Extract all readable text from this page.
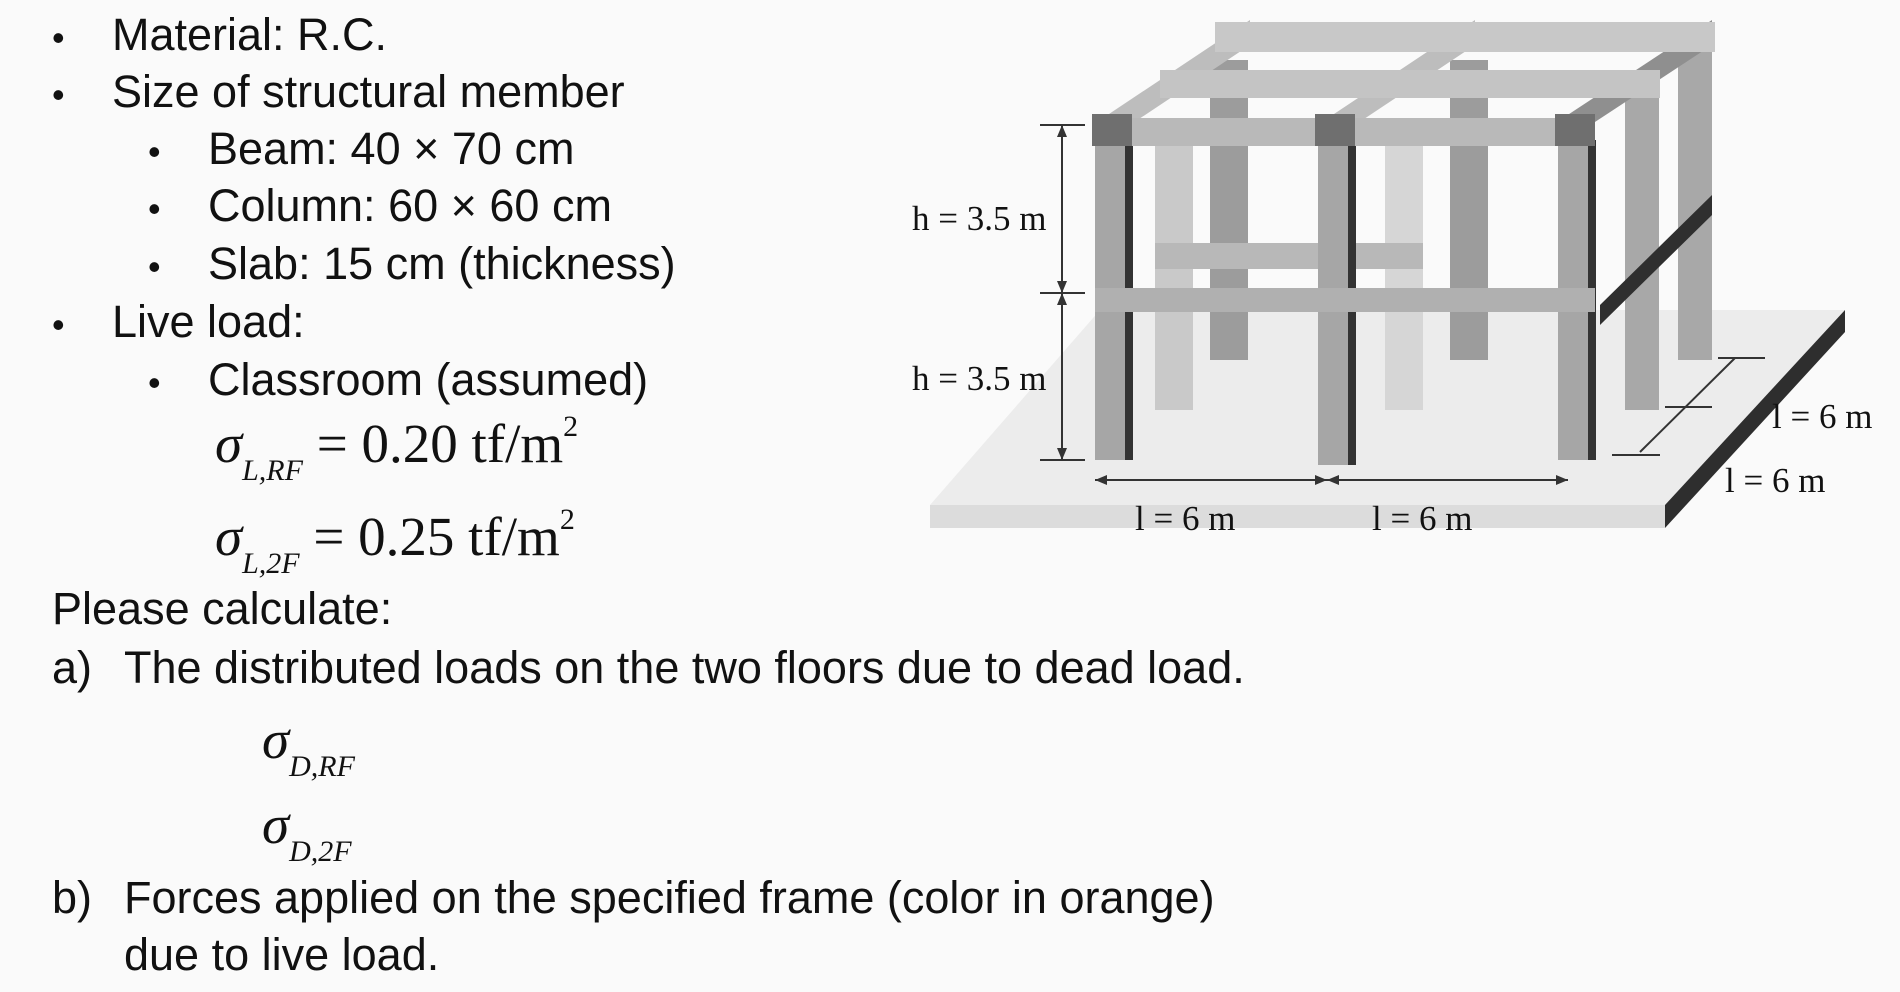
• Material: R.C.
• Size of structural member
• Beam: 40 × 70 cm
• Column: 60 × 60 cm
• Slab: 15 cm (thickness)
• Live load:
• Classroom (assumed)
$\sigma_{L,RF} = 0.20$ $tf/m^2$
$\sigma_{L,2F} = 0.25$ $tf/m^2$
Please calculate:
a) The distributed loads on the two floors due to dead load.
$\sigma_{D,RF}$
$\sigma_{D,2F}$
b) Forces applied on the specified frame (color in orange)
due to live load.
h = 3.5 m
h = 3.5 m
l = 6 m	l = 6 m
l = 6 m
l = 6 m
